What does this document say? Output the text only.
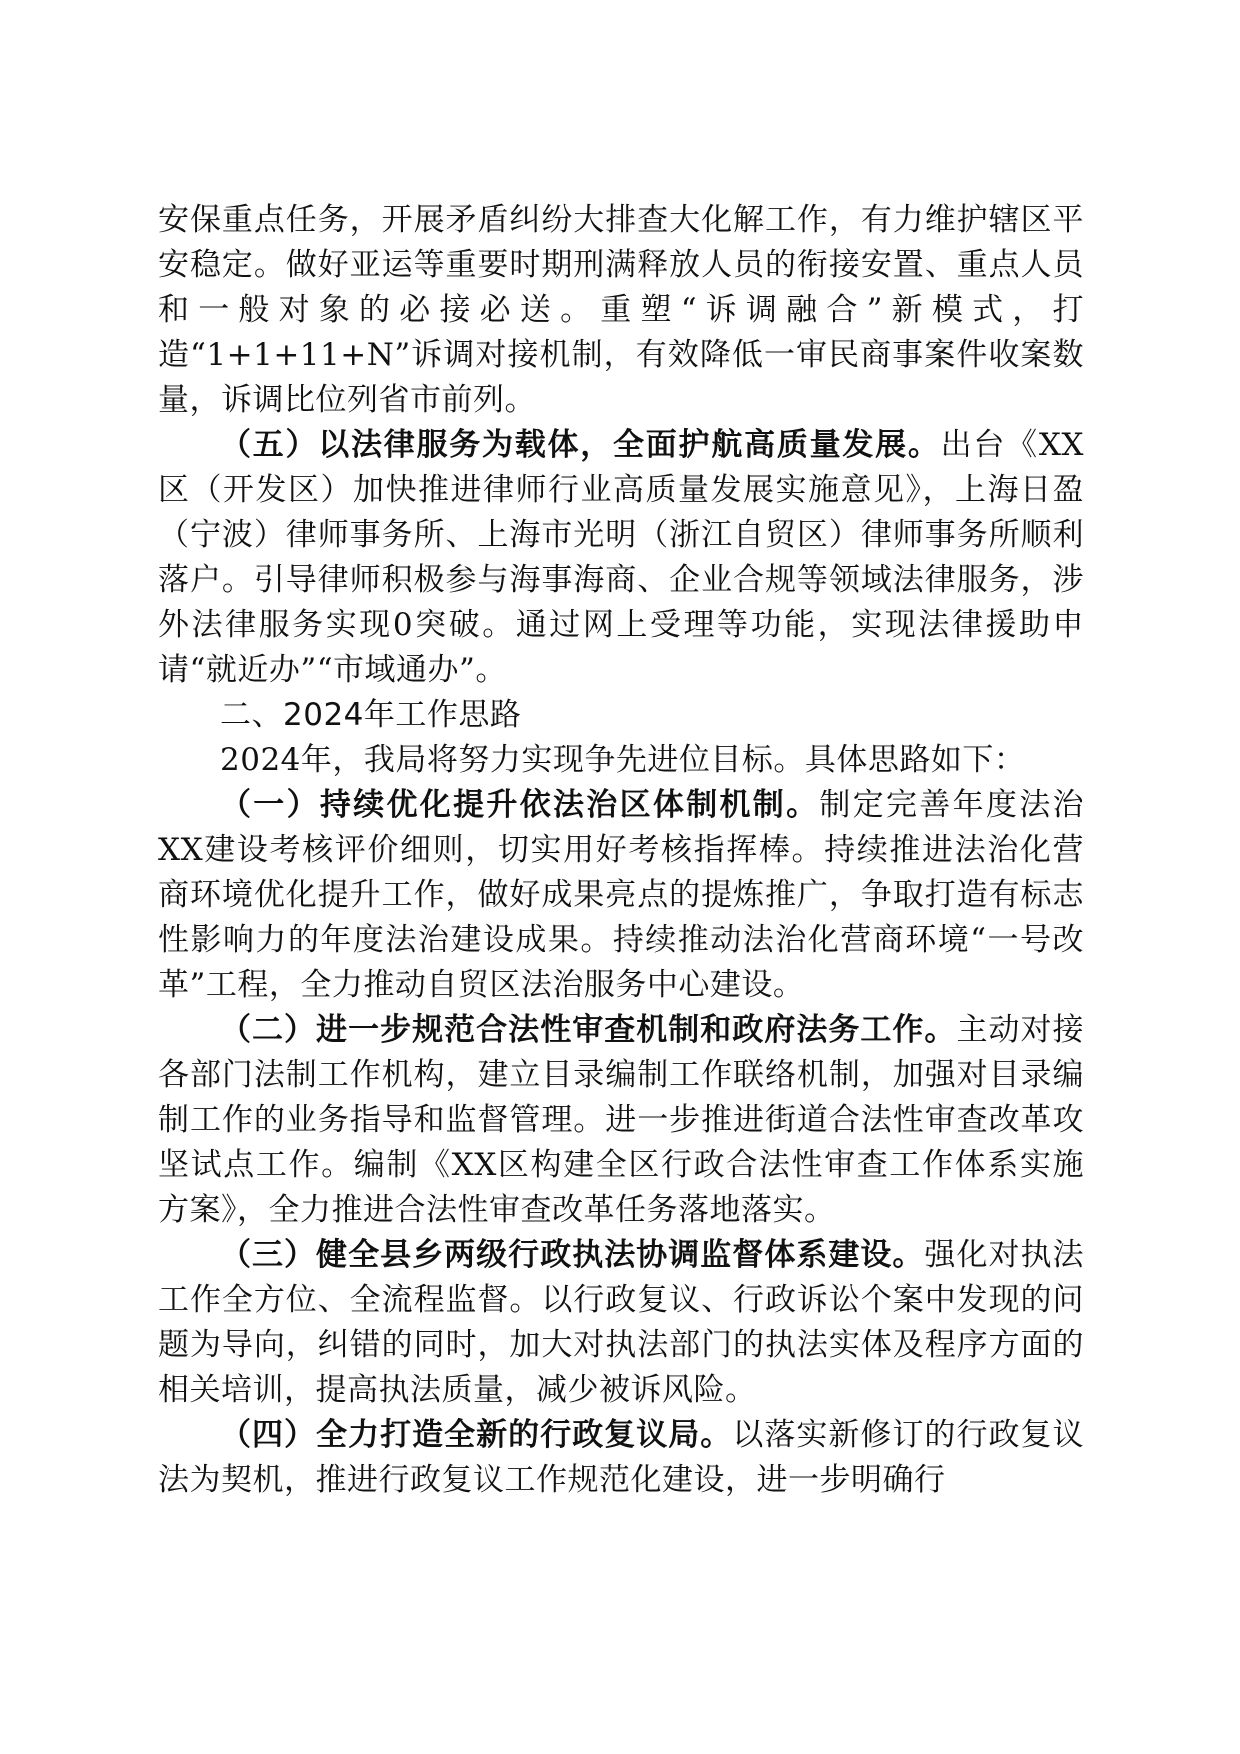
安保重点任务，开展矛盾纠纷大排查大化解工作，有力维护辖区平安稳定。做好亚运等重要时期刑满释放人员的衔接安置、重点人员和一般对象的必接必送。重塑“诉调融合”新模式，打造“1+1+11+N”诉调对接机制，有效降低一审民商事案件收案数量，诉调比位列省市前列。

（五）以法律服务为载体，全面护航高质量发展。出台《XX区（开发区）加快推进律师行业高质量发展实施意见》，上海日盈（宁波）律师事务所、上海市光明（浙江自贸区）律师事务所顺利落户。引导律师积极参与海事海商、企业合规等领域法律服务，涉外法律服务实现0突破。通过网上受理等功能，实现法律援助申请“就近办”“市域通办”。

二、2024年工作思路

2024年，我局将努力实现争先进位目标。具体思路如下：

（一）持续优化提升依法治区体制机制。制定完善年度法治XX建设考核评价细则，切实用好考核指挥棒。持续推进法治化营商环境优化提升工作，做好成果亮点的提炼推广，争取打造有标志性影响力的年度法治建设成果。持续推动法治化营商环境“一号改革”工程，全力推动自贸区法治服务中心建设。

（二）进一步规范合法性审查机制和政府法务工作。主动对接各部门法制工作机构，建立目录编制工作联络机制，加强对目录编制工作的业务指导和监督管理。进一步推进街道合法性审查改革攻坚试点工作。编制《XX区构建全区行政合法性审查工作体系实施方案》，全力推进合法性审查改革任务落地落实。

（三）健全县乡两级行政执法协调监督体系建设。强化对执法工作全方位、全流程监督。以行政复议、行政诉讼个案中发现的问题为导向，纠错的同时，加大对执法部门的执法实体及程序方面的相关培训，提高执法质量，减少被诉风险。

（四）全力打造全新的行政复议局。以落实新修订的行政复议法为契机，推进行政复议工作规范化建设，进一步明确行
